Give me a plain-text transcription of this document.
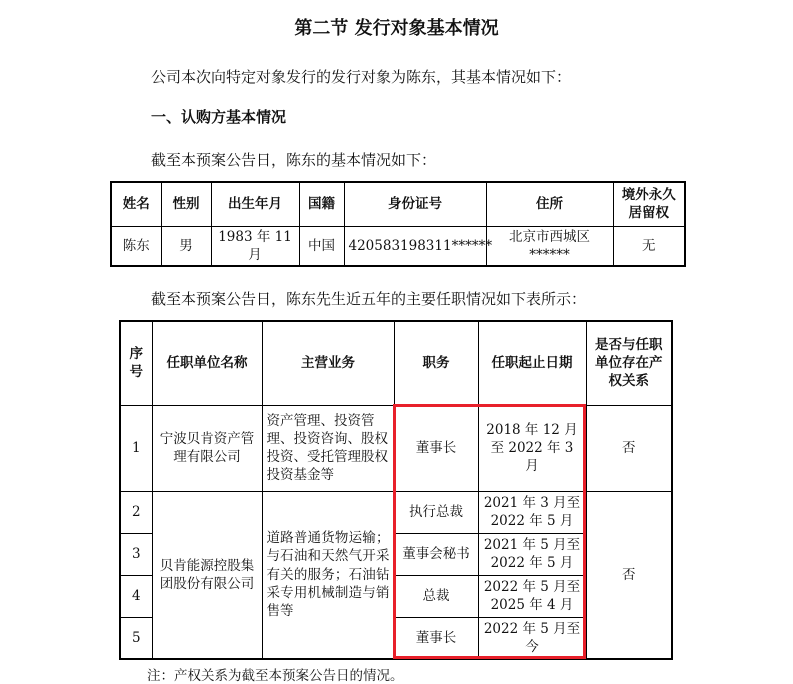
第二节 发行对象基本情况
公司本次向特定对象发行的发行对象为陈东，其基本情况如下：
一、认购方基本情况
截至本预案公告日，陈东的基本情况如下：
姓名	性别	出生年月	国籍	身份证号	住所	境外永久居留权
陈东	男	1983 年 11 月	中国	420583198311******	北京市西城区******	无
截至本预案公告日，陈东先生近五年的主要任职情况如下表所示：
序号	任职单位名称	主营业务	职务	任职起止日期	是否与任职单位存在产权关系
1	宁波贝肯资产管理有限公司	资产管理、投资管理、投资咨询、股权投资、受托管理股权投资基金等	董事长	2018 年 12 月至 2022 年 3 月	否
2	贝肯能源控股集团股份有限公司	道路普通货物运输；与石油和天然气开采有关的服务；石油钻采专用机械制造与销售等	执行总裁	2021 年 3 月至 2022 年 5 月	否
3			董事会秘书	2021 年 5 月至 2022 年 5 月	
4			总裁	2022 年 5 月至 2025 年 4 月	
5			董事长	2022 年 5 月至今	
注：产权关系为截至本预案公告日的情况。
